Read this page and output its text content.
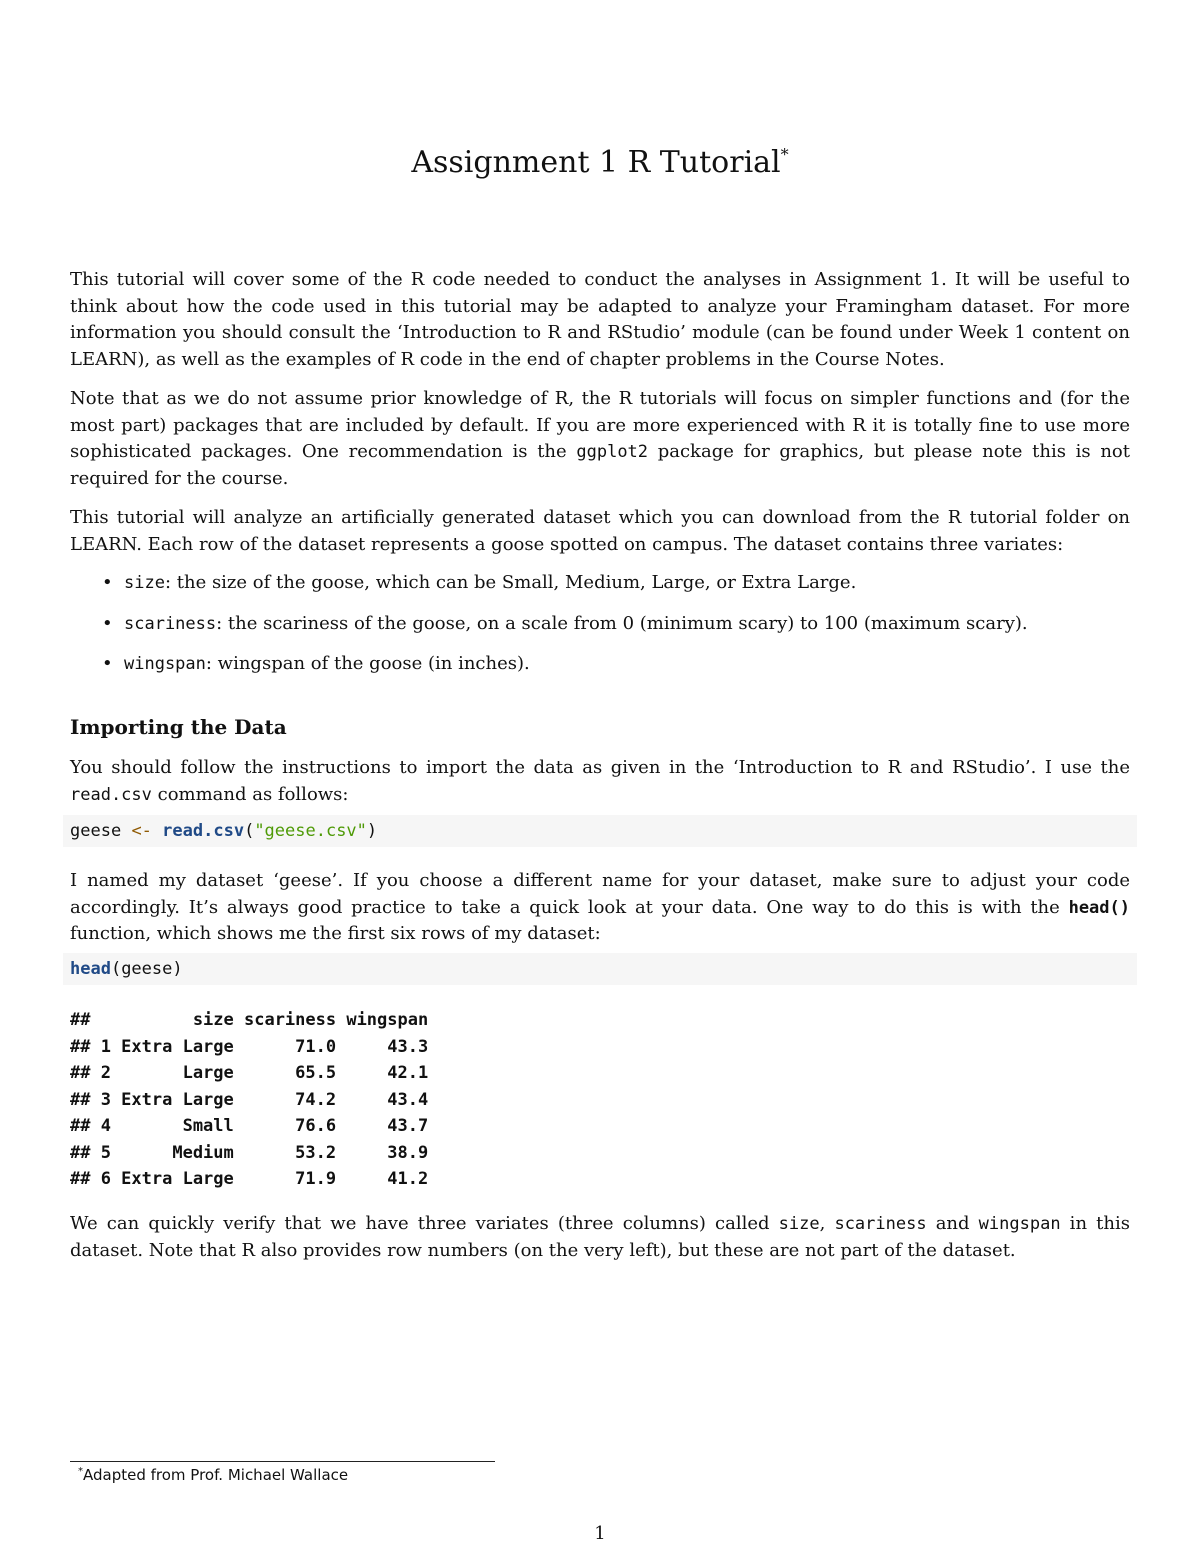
Assignment 1 R Tutorial*

This tutorial will cover some of the R code needed to conduct the analyses in Assignment 1. It will be useful to think about how the code used in this tutorial may be adapted to analyze your Framingham dataset. For more information you should consult the ‘Introduction to R and RStudio’ module (can be found under Week 1 content on LEARN), as well as the examples of R code in the end of chapter problems in the Course Notes.

Note that as we do not assume prior knowledge of R, the R tutorials will focus on simpler functions and (for the most part) packages that are included by default. If you are more experienced with R it is totally fine to use more sophisticated packages. One recommendation is the ggplot2 package for graphics, but please note this is not required for the course.

This tutorial will analyze an artificially generated dataset which you can download from the R tutorial folder on LEARN. Each row of the dataset represents a goose spotted on campus. The dataset contains three variates:

• size: the size of the goose, which can be Small, Medium, Large, or Extra Large.
• scariness: the scariness of the goose, on a scale from 0 (minimum scary) to 100 (maximum scary).
• wingspan: wingspan of the goose (in inches).
Importing the Data

You should follow the instructions to import the data as given in the ‘Introduction to R and RStudio’. I use the read.csv command as follows:

geese <- read.csv("geese.csv")

I named my dataset ‘geese’. If you choose a different name for your dataset, make sure to adjust your code accordingly. It’s always good practice to take a quick look at your data. One way to do this is with the head() function, which shows me the first six rows of my dataset:

head(geese)
##          size scariness wingspan
## 1 Extra Large      71.0     43.3
## 2       Large      65.5     42.1
## 3 Extra Large      74.2     43.4
## 4       Small      76.6     43.7
## 5      Medium      53.2     38.9
## 6 Extra Large      71.9     41.2

We can quickly verify that we have three variates (three columns) called size, scariness and wingspan in this dataset. Note that R also provides row numbers (on the very left), but these are not part of the dataset.

*Adapted from Prof. Michael Wallace

1
